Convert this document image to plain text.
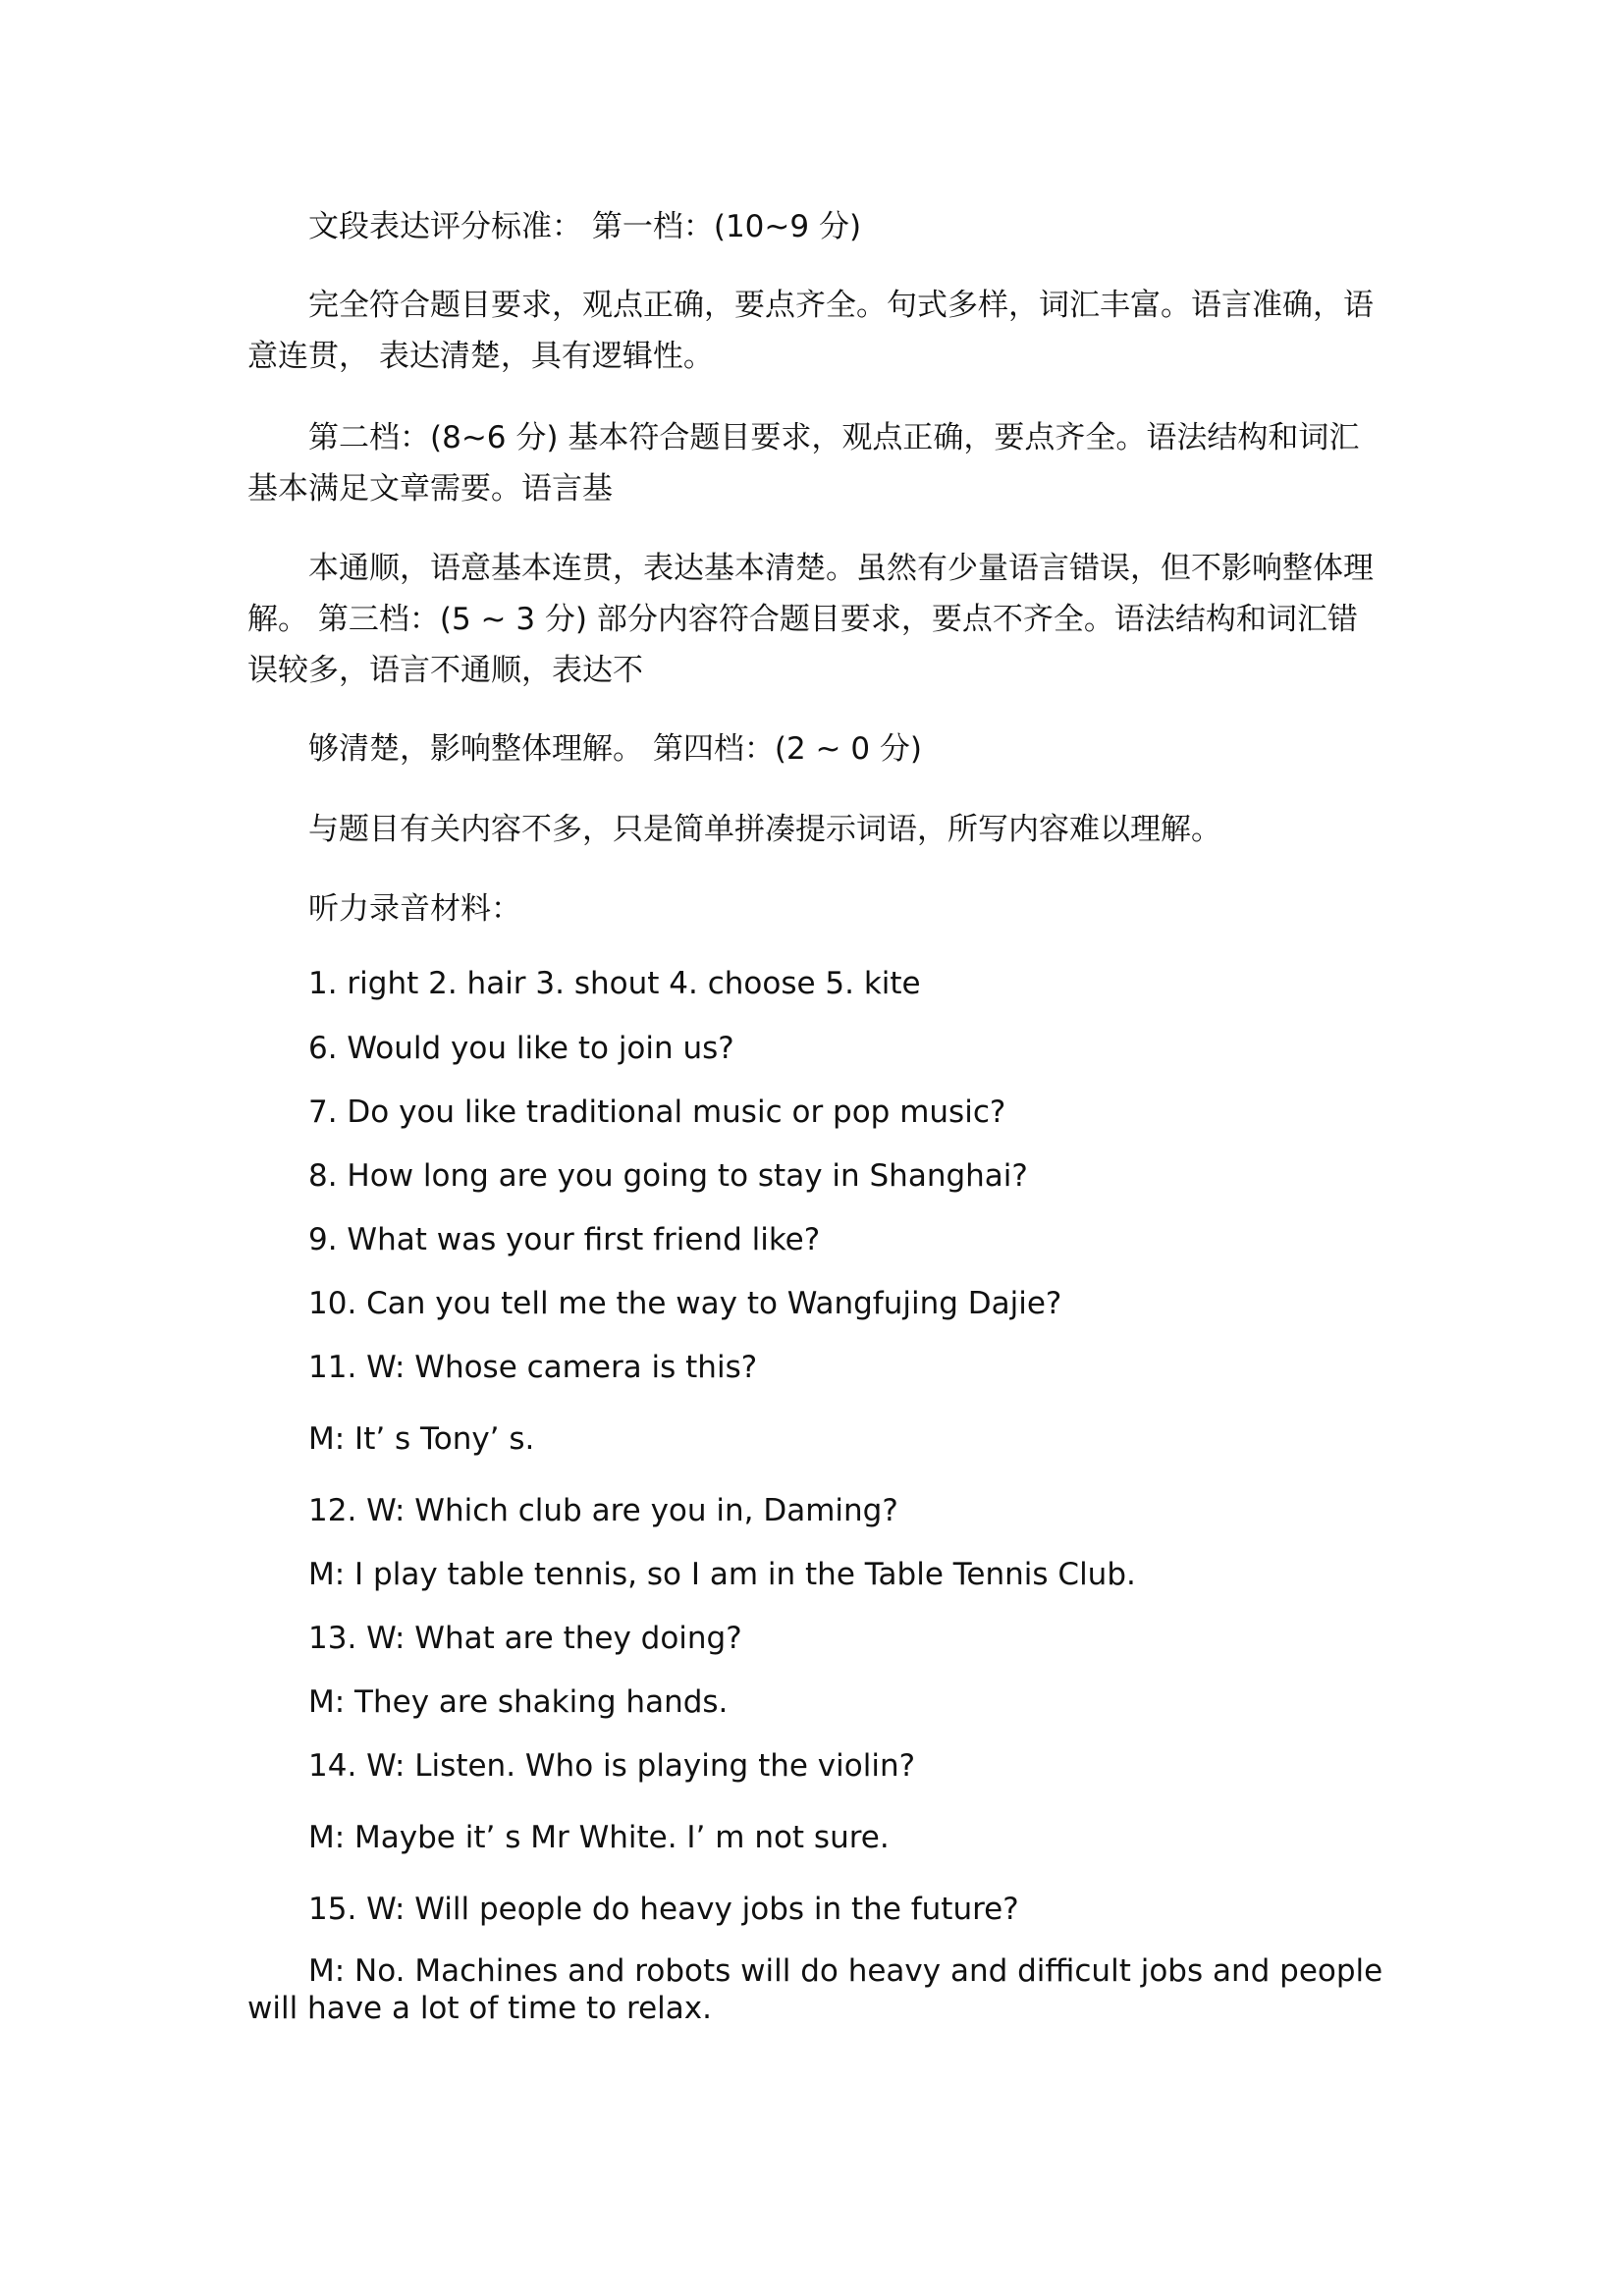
文段表达评分标准： 第一档：(10~9 分)

完全符合题目要求，观点正确，要点齐全。句式多样，词汇丰富。语言准确，语意连贯， 表达清楚，具有逻辑性。

第二档：(8~6 分) 基本符合题目要求，观点正确，要点齐全。语法结构和词汇基本满足文章需要。语言基

本通顺，语意基本连贯，表达基本清楚。虽然有少量语言错误，但不影响整体理解。 第三档：(5 ~ 3 分) 部分内容符合题目要求，要点不齐全。语法结构和词汇错误较多，语言不通顺，表达不

够清楚，影响整体理解。 第四档：(2 ~ 0 分)

与题目有关内容不多，只是简单拼凑提示词语，所写内容难以理解。

听力录音材料：

1. right 2. hair 3. shout 4. choose 5. kite

6. Would you like to join us?

7. Do you like traditional music or pop music?

8. How long are you going to stay in Shanghai?

9. What was your first friend like?

10. Can you tell me the way to Wangfujing Dajie?

11. W: Whose camera is this?

M: It’ s Tony’ s.

12. W: Which club are you in, Daming?

M: I play table tennis, so I am in the Table Tennis Club.

13. W: What are they doing?

M: They are shaking hands.

14. W: Listen. Who is playing the violin?

M: Maybe it’ s Mr White. I’ m not sure.

15. W: Will people do heavy jobs in the future?

M: No. Machines and robots will do heavy and difficult jobs and people will have a lot of time to relax.
